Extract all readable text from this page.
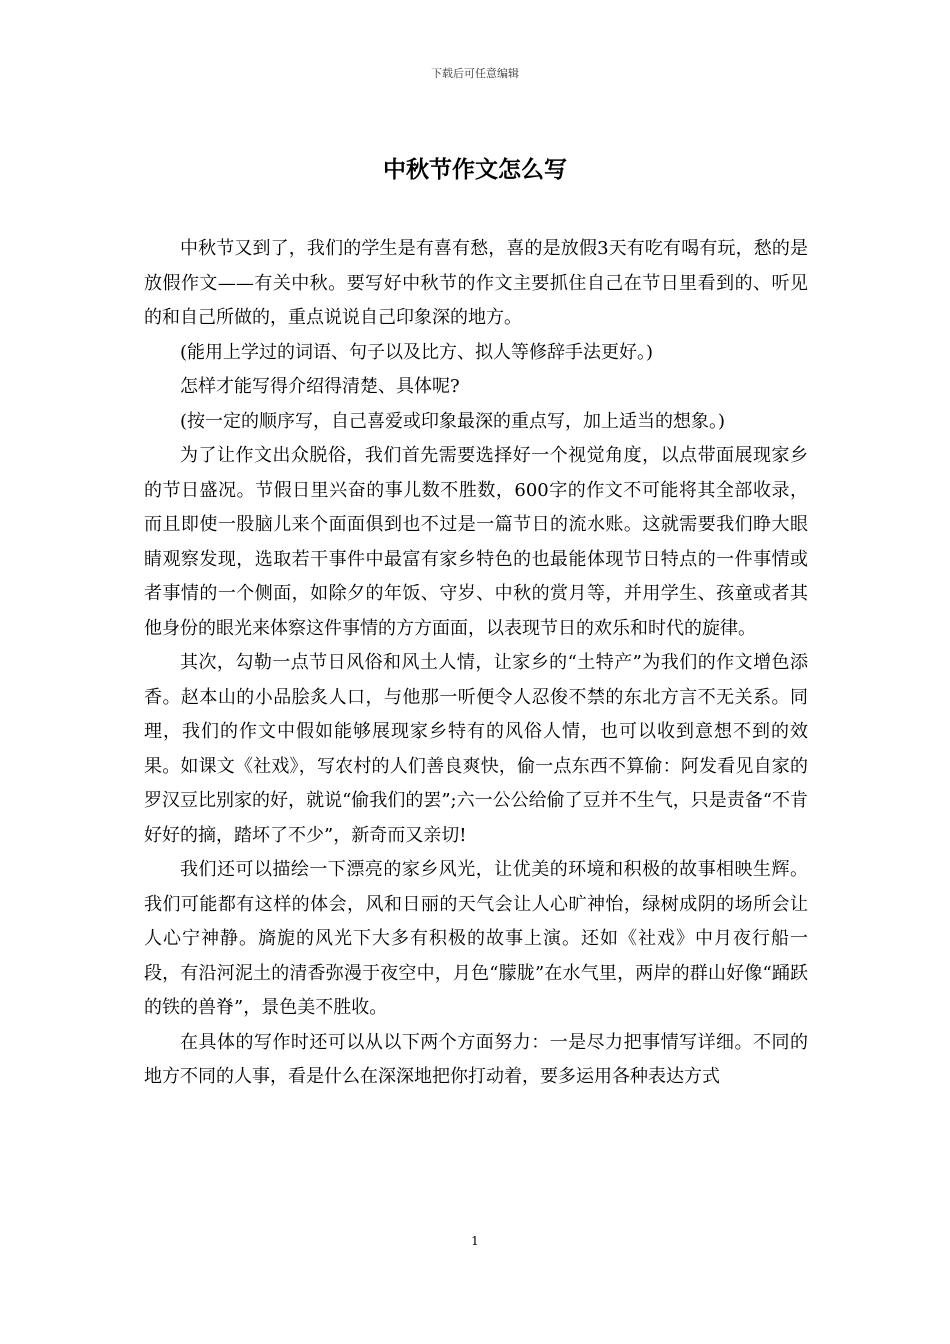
下载后可任意编辑
中秋节作文怎么写

中秋节又到了，我们的学生是有喜有愁，喜的是放假3天有吃有喝有玩，愁的是放假作文——有关中秋。要写好中秋节的作文主要抓住自己在节日里看到的、听见的和自己所做的，重点说说自己印象深的地方。

(能用上学过的词语、句子以及比方、拟人等修辞手法更好。)

怎样才能写得介绍得清楚、具体呢?

(按一定的顺序写，自己喜爱或印象最深的重点写，加上适当的想象。)

为了让作文出众脱俗，我们首先需要选择好一个视觉角度，以点带面展现家乡的节日盛况。节假日里兴奋的事儿数不胜数，600字的作文不可能将其全部收录，而且即使一股脑儿来个面面俱到也不过是一篇节日的流水账。这就需要我们睁大眼睛观察发现，选取若干事件中最富有家乡特色的也最能体现节日特点的一件事情或者事情的一个侧面，如除夕的年饭、守岁、中秋的赏月等，并用学生、孩童或者其他身份的眼光来体察这件事情的方方面面，以表现节日的欢乐和时代的旋律。

其次，勾勒一点节日风俗和风土人情，让家乡的“土特产”为我们的作文增色添香。赵本山的小品脍炙人口，与他那一听便令人忍俊不禁的东北方言不无关系。同理，我们的作文中假如能够展现家乡特有的风俗人情，也可以收到意想不到的效果。如课文《社戏》，写农村的人们善良爽快，偷一点东西不算偷：阿发看见自家的罗汉豆比别家的好，就说“偷我们的罢”;六一公公给偷了豆并不生气，只是责备“不肯好好的摘，踏坏了不少”，新奇而又亲切!

我们还可以描绘一下漂亮的家乡风光，让优美的环境和积极的故事相映生辉。我们可能都有这样的体会，风和日丽的天气会让人心旷神怡，绿树成阴的场所会让人心宁神静。旖旎的风光下大多有积极的故事上演。还如《社戏》中月夜行船一段，有沿河泥土的清香弥漫于夜空中，月色“朦胧”在水气里，两岸的群山好像“踊跃的铁的兽脊”，景色美不胜收。

在具体的写作时还可以从以下两个方面努力：一是尽力把事情写详细。不同的地方不同的人事，看是什么在深深地把你打动着，要多运用各种表达方式

1
